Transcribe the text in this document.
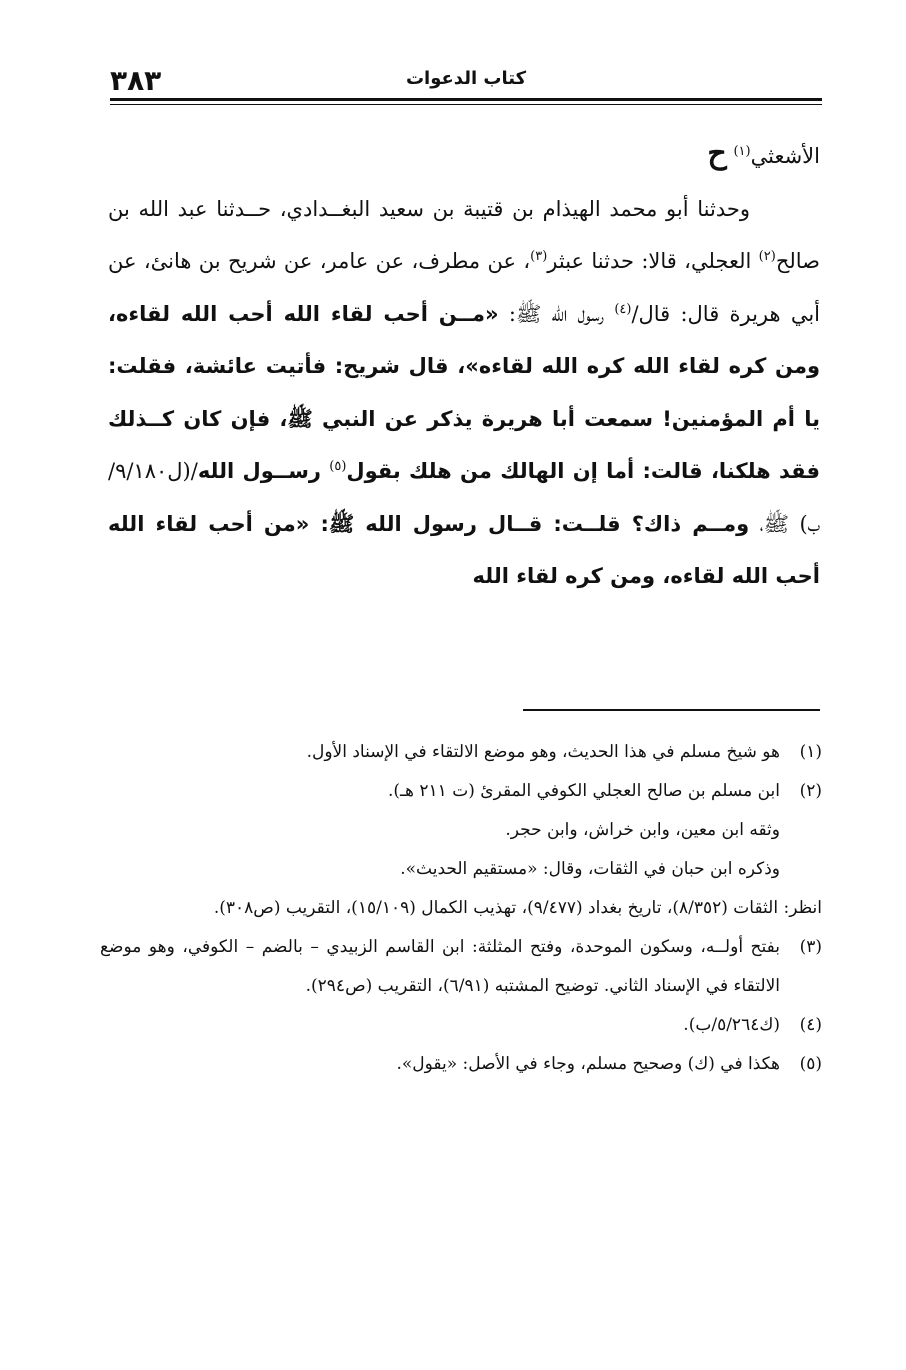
٣٨٣	كتاب الدعوات

الأشعثي$^{(١)}$ ح

وحدثنا أبو محمد الهيذام بن قتيبة بن سعيد البغــدادي، حــدثنا عبد الله بن صالح$^{(٢)}$ العجلي، قالا: حدثنا عبثر$^{(٣)}$، عن مطرف، عن عامر، عن شريح بن هانئ، عن أبي هريرة قال: قال/$^{(٤)}$ رسول الله ﷺ: «مــن أحب لقاء الله أحب الله لقاءه، ومن كره لقاء الله كره الله لقاءه»، قال شريح: فأتيت عائشة، فقلت: يا أم المؤمنين! سمعت أبا هريرة يذكر عن النبي ﷺ، فإن كان كــذلك فقد هلكنا، قالت: أما إن الهالك من هلك بقول$^{(٥)}$ رســول الله/(ل٩/١٨٠/ب) ﷺ، ومــم ذاك؟ قلــت: قــال رسول الله ﷺ: «من أحب لقاء الله أحب الله لقاءه، ومن كره لقاء الله

(١)
هو شيخ مسلم في هذا الحديث، وهو موضع الالتقاء في الإسناد الأول.
(٢)
ابن مسلم بن صالح العجلي الكوفي المقرئ (ت ٢١١ هـ).
وثقه ابن معين، وابن خراش، وابن حجر.
وذكره ابن حبان في الثقات، وقال: «مستقيم الحديث».
انظر: الثقات (٨/٣٥٢)، تاريخ بغداد (٩/٤٧٧)، تهذيب الكمال (١٥/١٠٩)، التقريب (ص٣٠٨).
(٣)
بفتح أولــه، وسكون الموحدة، وفتح المثلثة: ابن القاسم الزبيدي – بالضم – الكوفي، وهو موضع الالتقاء في الإسناد الثاني. توضيح المشتبه (٦/٩١)، التقريب (ص٢٩٤).
(٤)
(ك٥/٢٦٤/ب).
(٥)
هكذا في (ك) وصحيح مسلم، وجاء في الأصل: «يقول».
